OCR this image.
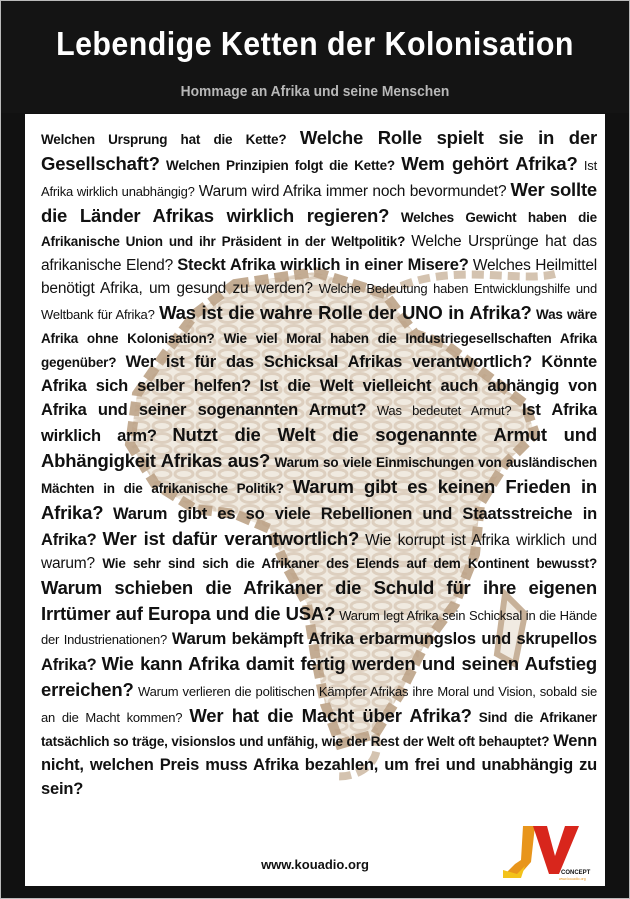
Lebendige Ketten der Kolonisation
Hommage an Afrika und seine Menschen
Welchen Ursprung hat die Kette? Welche Rolle spielt sie in der Gesellschaft? Welchen Prinzipien folgt die Kette? Wem gehört Afrika? Ist Afrika wirklich unabhängig? Warum wird Afrika immer noch bevormundet? Wer sollte die Länder Afrikas wirklich regieren? Welches Gewicht haben die Afrikanische Union und ihr Präsident in der Weltpolitik? Welche Ursprünge hat das afrikanische Elend? Steckt Afrika wirklich in einer Misere? Welches Heilmittel benötigt Afrika, um gesund zu werden? Welche Bedeutung haben Entwicklungshilfe und Weltbank für Afrika? Was ist die wahre Rolle der UNO in Afrika? Was wäre Afrika ohne Kolonisation? Wie viel Moral haben die Industriegesellschaften Afrika gegenüber? Wer ist für das Schicksal Afrikas verantwortlich? Könnte Afrika sich selber helfen? Ist die Welt vielleicht auch abhängig von Afrika und seiner sogenannten Armut? Was bedeutet Armut? Ist Afrika wirklich arm? Nutzt die Welt die sogenannte Armut und Abhängigkeit Afrikas aus? Warum so viele Einmischungen von ausländischen Mächten in die afrikanische Politik? Warum gibt es keinen Frieden in Afrika? Warum gibt es so viele Rebellionen und Staatsstreiche in Afrika? Wer ist dafür verantwortlich? Wie korrupt ist Afrika wirklich und warum? Wie sehr sind sich die Afrikaner des Elends auf dem Kontinent bewusst? Warum schieben die Afrikaner die Schuld für ihre eigenen Irrtümer auf Europa und die USA? Warum legt Afrika sein Schicksal in die Hände der Industrienationen? Warum bekämpft Afrika erbarmungslos und skrupellos Afrika? Wie kann Afrika damit fertig werden und seinen Aufstieg erreichen? Warum verlieren die politischen Kämpfer Afrikas ihre Moral und Vision, sobald sie an die Macht kommen? Wer hat die Macht über Afrika? Sind die Afrikaner tatsächlich so träge, visionslos und unfähig, wie der Rest der Welt oft behauptet? Wenn nicht, welchen Preis muss Afrika bezahlen, um frei und unabhängig zu sein?
www.kouadio.org
CONCEPT
www.kouadio.org
